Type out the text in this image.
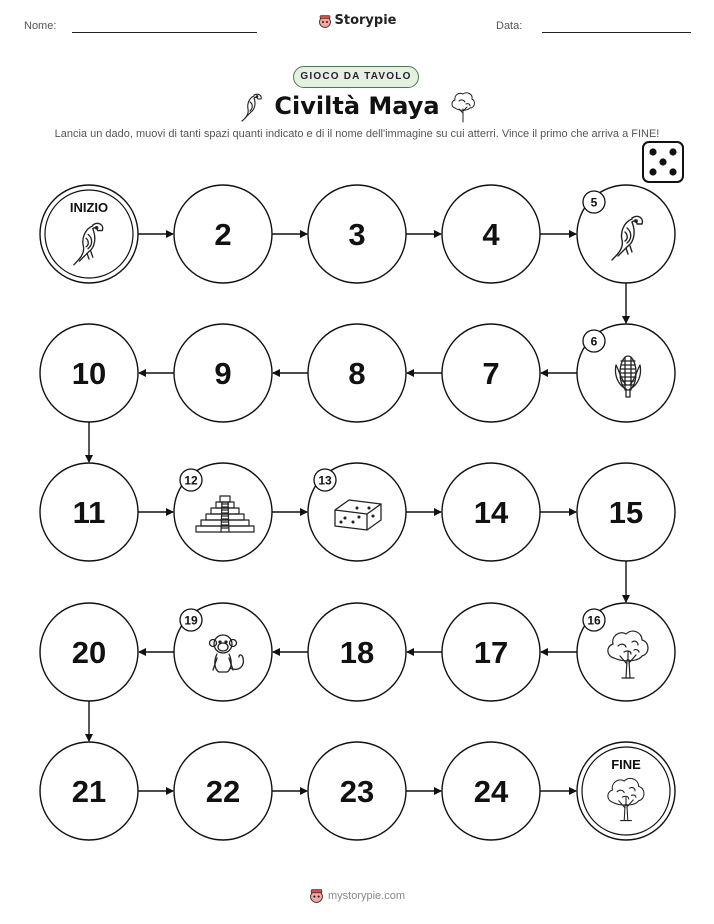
Nome:	Data:
Storypie
GIOCO DA TAVOLO
Civiltà Maya
Lancia un dado, muovi di tanti spazi quanti indicato e di il nome dell'immagine su cui atterri. Vince il primo che arriva a FINE!
INIZIO
2	3	4
5
6
7
8
9
10
11
12	13
14	15
16
17
18
19
20
21	22	23	24
FINE
mystorypie.com
